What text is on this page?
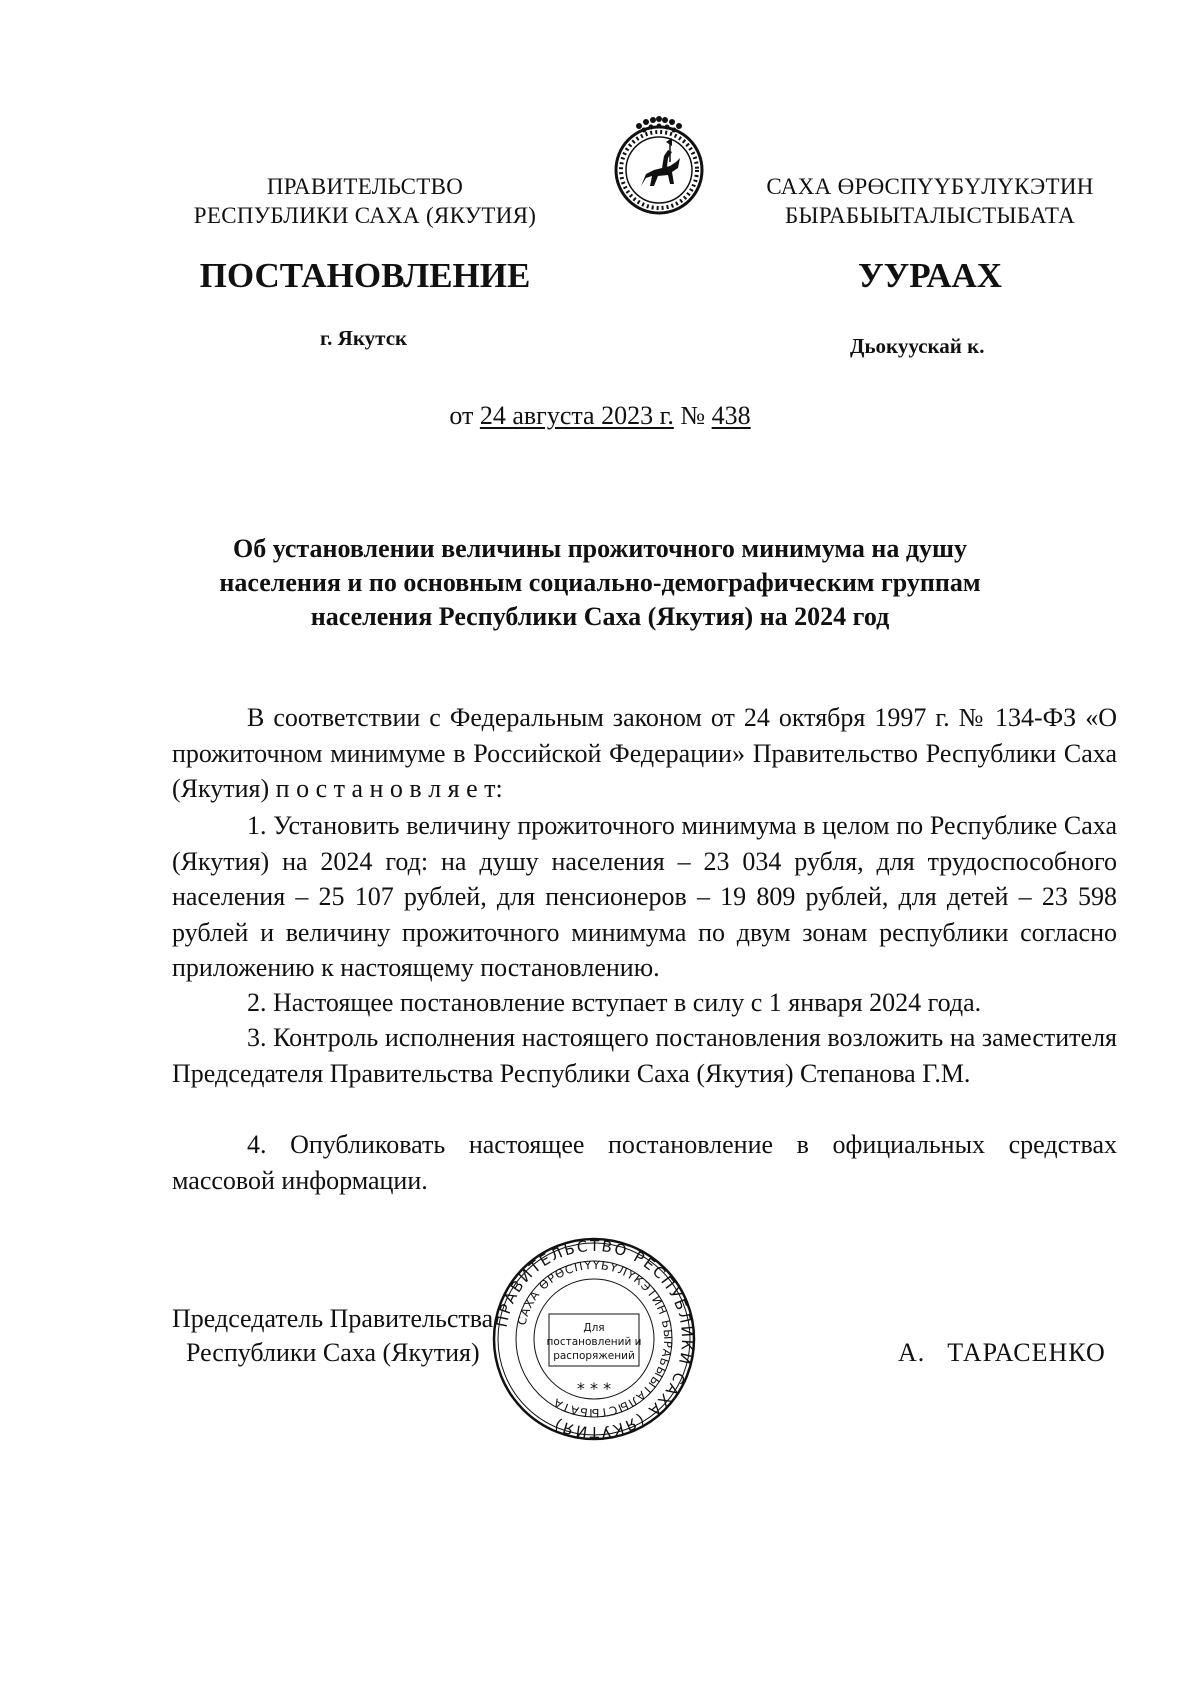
ПРАВИТЕЛЬСТВО
РЕСПУБЛИКИ САХА (ЯКУТИЯ)
САХА ӨРӨСПҮҮБҮЛҮКЭТИН
БЫРАБЫЫТАЛЫСТЫБАТА
ПОСТАНОВЛЕНИЕ	УУРААХ
г. Якутск	Дьокуускай к.
от 24 августа 2023 г. № 438
Об установлении величины прожиточного минимума на душу
населения и по основным социально-демографическим группам
населения Республики Саха (Якутия) на 2024 год
В соответствии с Федеральным законом от 24 октября 1997 г. № 134-ФЗ «О прожиточном минимуме в Российской Федерации» Правительство Республики Саха (Якутия) п о с т а н о в л я е т:
1. Установить величину прожиточного минимума в целом по Республике Саха (Якутия) на 2024 год: на душу населения – 23 034 рубля, для трудоспособного населения – 25 107 рублей, для пенсионеров – 19 809 рублей, для детей – 23 598 рублей и величину прожиточного минимума по двум зонам республики согласно приложению к настоящему постановлению.
2. Настоящее постановление вступает в силу с 1 января 2024 года.
3. Контроль исполнения настоящего постановления возложить на заместителя Председателя Правительства Республики Саха (Якутия) Степанова Г.М.
4. Опубликовать настоящее постановление в официальных средствах массовой информации.
Председатель Правительства
Республики Саха (Якутия)	А. ТАРАСЕНКО
ПРАВИТЕЛЬСТВО РЕСПУБЛИКИ САХА (ЯКУТИЯ)
САХА ӨРӨСПҮҮБҮЛҮКЭТИН БЫРАБЫЫТАЛЫСТЫБАТА
Для
постановлений и
распоряжений
* * *
